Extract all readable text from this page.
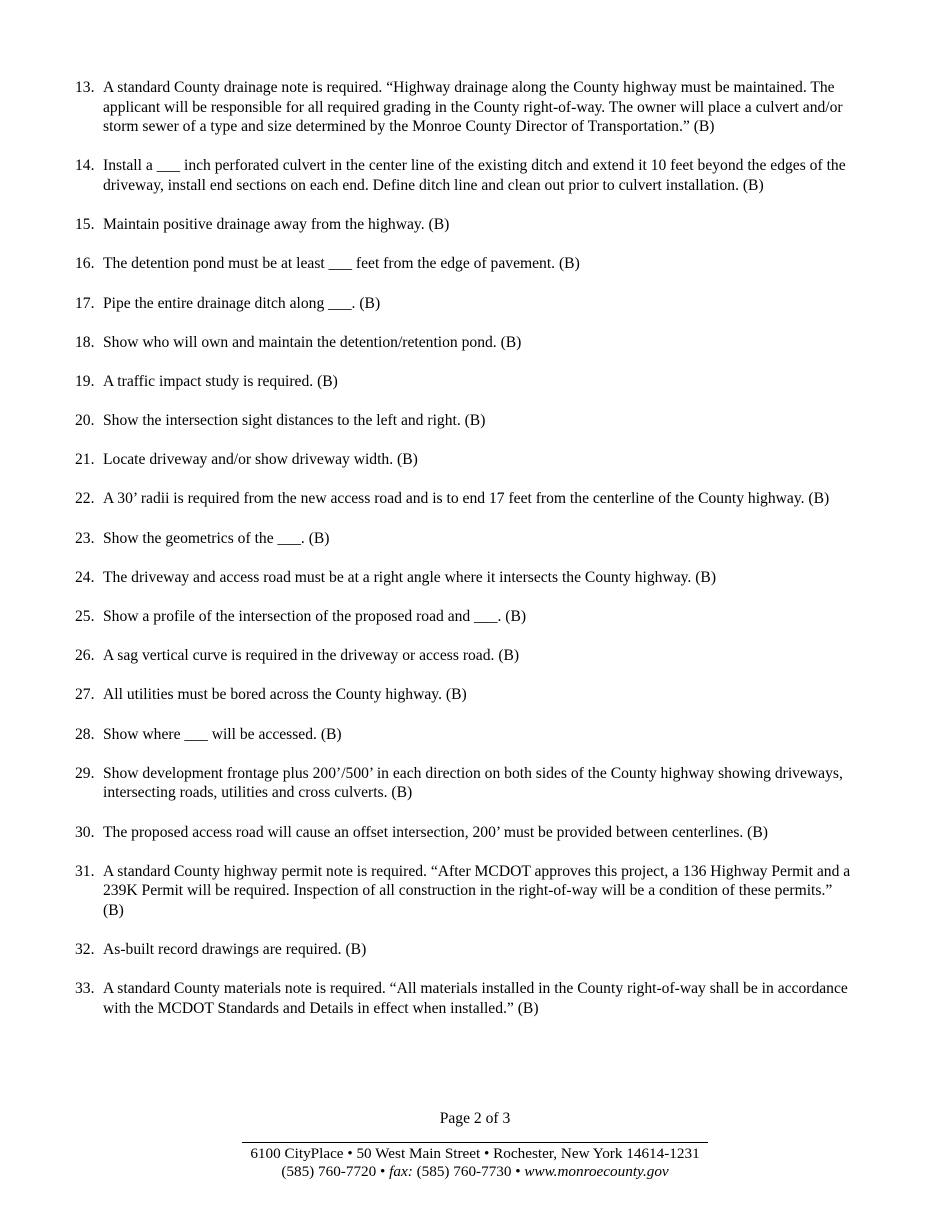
13. A standard County drainage note is required. “Highway drainage along the County highway must be maintained. The applicant will be responsible for all required grading in the County right-of-way. The owner will place a culvert and/or storm sewer of a type and size determined by the Monroe County Director of Transportation.” (B)
14. Install a ___ inch perforated culvert in the center line of the existing ditch and extend it 10 feet beyond the edges of the driveway, install end sections on each end. Define ditch line and clean out prior to culvert installation. (B)
15. Maintain positive drainage away from the highway. (B)
16. The detention pond must be at least ___ feet from the edge of pavement. (B)
17. Pipe the entire drainage ditch along ___. (B)
18. Show who will own and maintain the detention/retention pond. (B)
19. A traffic impact study is required. (B)
20. Show the intersection sight distances to the left and right. (B)
21. Locate driveway and/or show driveway width. (B)
22. A 30’ radii is required from the new access road and is to end 17 feet from the centerline of the County highway. (B)
23. Show the geometrics of the ___. (B)
24. The driveway and access road must be at a right angle where it intersects the County highway. (B)
25. Show a profile of the intersection of the proposed road and ___. (B)
26. A sag vertical curve is required in the driveway or access road. (B)
27. All utilities must be bored across the County highway. (B)
28. Show where ___ will be accessed. (B)
29. Show development frontage plus 200’/500’ in each direction on both sides of the County highway showing driveways, intersecting roads, utilities and cross culverts. (B)
30. The proposed access road will cause an offset intersection, 200’ must be provided between centerlines. (B)
31. A standard County highway permit note is required. “After MCDOT approves this project, a 136 Highway Permit and a 239K Permit will be required. Inspection of all construction in the right-of-way will be a condition of these permits.” (B)
32. As-built record drawings are required. (B)
33. A standard County materials note is required. “All materials installed in the County right-of-way shall be in accordance with the MCDOT Standards and Details in effect when installed.” (B)
Page 2 of 3
6100 CityPlace • 50 West Main Street • Rochester, New York 14614-1231
(585) 760-7720 • fax: (585) 760-7730 • www.monroecounty.gov
